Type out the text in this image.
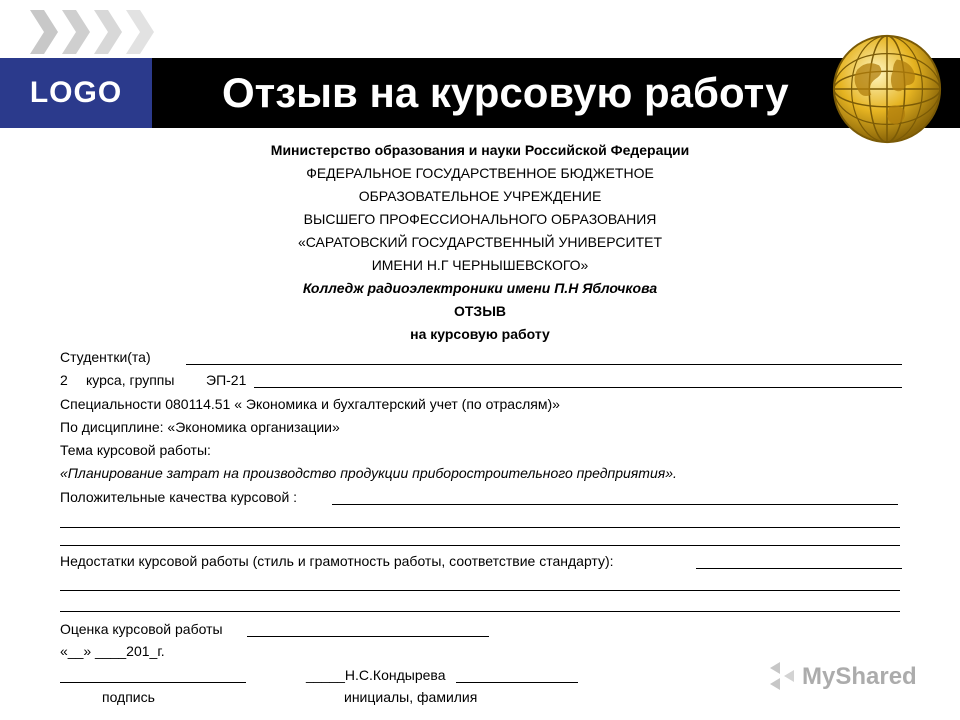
LOGO Отзыв на курсовую работу
Министерство образования и науки Российской Федерации
ФЕДЕРАЛЬНОЕ ГОСУДАРСТВЕННОЕ БЮДЖЕТНОЕ
ОБРАЗОВАТЕЛЬНОЕ УЧРЕЖДЕНИЕ
ВЫСШЕГО ПРОФЕССИОНАЛЬНОГО ОБРАЗОВАНИЯ
«САРАТОВСКИЙ ГОСУДАРСТВЕННЫЙ УНИВЕРСИТЕТ
ИМЕНИ Н.Г ЧЕРНЫШЕВСКОГО»
Колледж радиоэлектроники имени П.Н Яблочкова
ОТЗЫВ
на курсовую работу
Студентки(та)
2 курса, группы ЭП-21
Специальности 080114.51 « Экономика и бухгалтерский учет (по отраслям)»
По дисциплине: «Экономика организации»
Тема курсовой работы:
«Планирование затрат на производство продукции приборостроительного предприятия».
Положительные качества курсовой :
Недостатки курсовой работы (стиль и грамотность работы, соответствие стандарту):
Оценка курсовой работы
«__» ____201_г.
_____Н.С.Кондырева
подпись	инициалы, фамилия
MyShared
